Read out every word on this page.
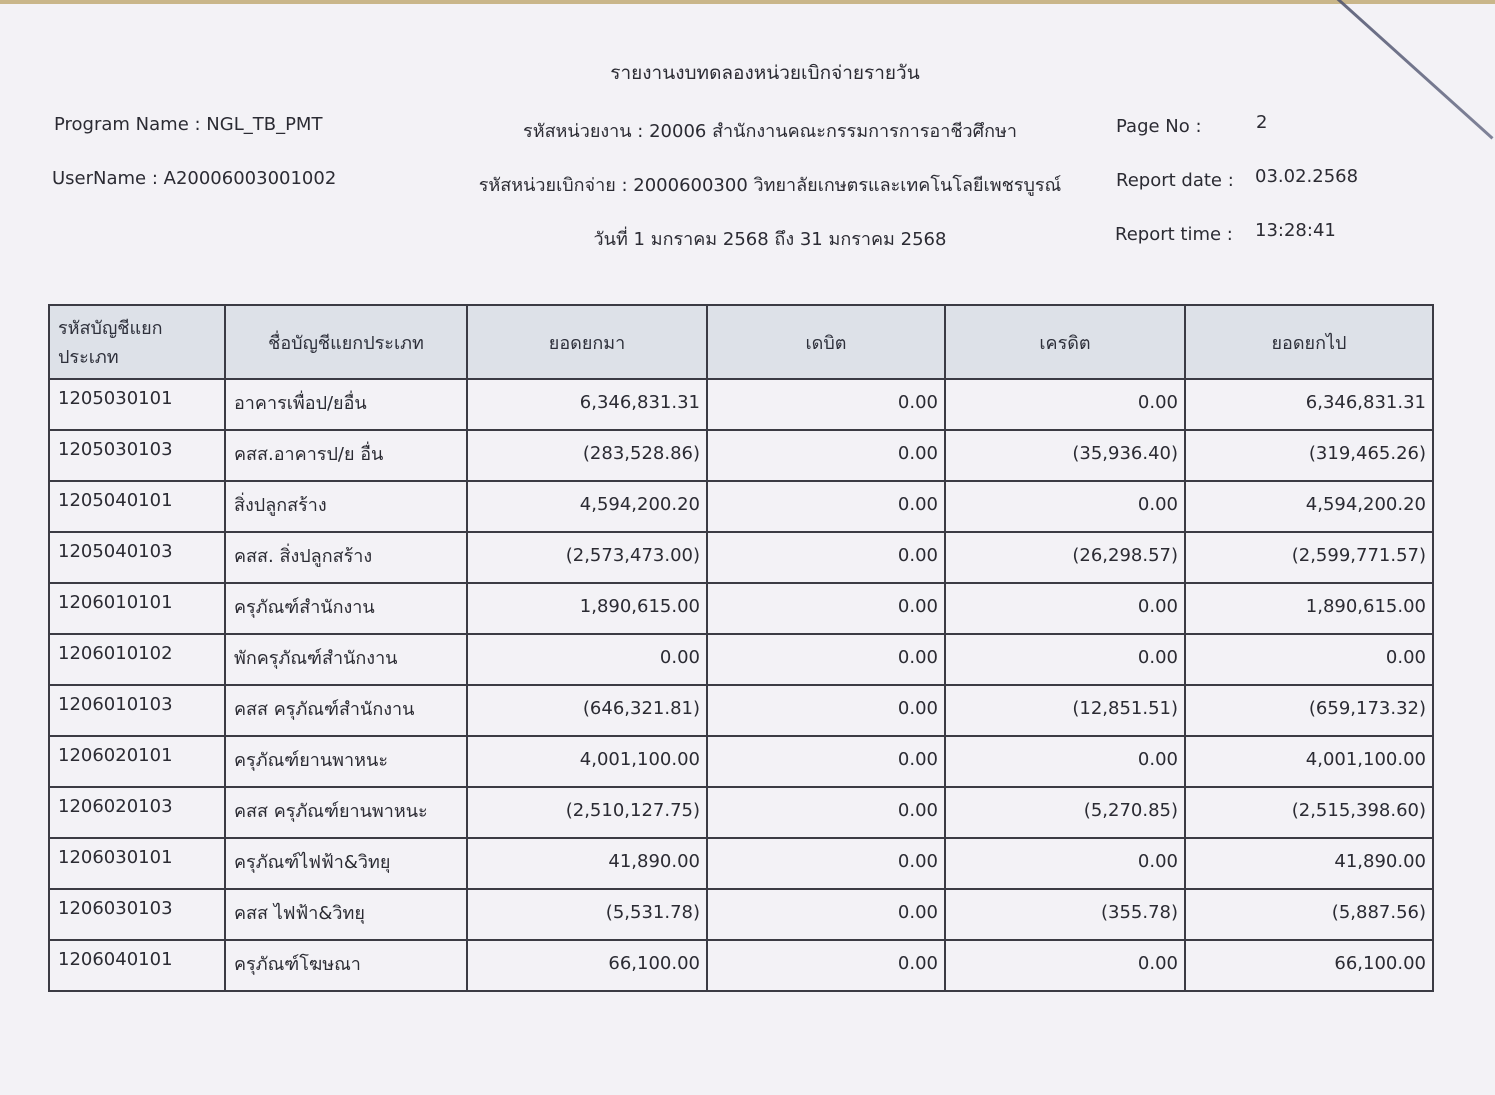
รายงานงบทดลองหน่วยเบิกจ่ายรายวัน
Program Name : NGL_TB_PMT
UserName : A20006003001002
รหัสหน่วยงาน : 20006 สำนักงานคณะกรรมการการอาชีวศึกษา
รหัสหน่วยเบิกจ่าย : 2000600300 วิทยาลัยเกษตรและเทคโนโลยีเพชรบูรณ์
วันที่ 1 มกราคม 2568 ถึง 31 มกราคม 2568
Page No :	2
Report date : 03.02.2568
Report time : 13:28:41
รหัสบัญชีแยกประเภท	ชื่อบัญชีแยกประเภท	ยอดยกมา	เดบิต	เครดิต	ยอดยกไป
1205030101	อาคารเพื่อป/ยอื่น	6,346,831.31	0.00	0.00	6,346,831.31
1205030103	คสส.อาคารป/ย อื่น	(283,528.86)	0.00	(35,936.40)	(319,465.26)
1205040101	สิ่งปลูกสร้าง	4,594,200.20	0.00	0.00	4,594,200.20
1205040103	คสส. สิ่งปลูกสร้าง	(2,573,473.00)	0.00	(26,298.57)	(2,599,771.57)
1206010101	ครุภัณฑ์สำนักงาน	1,890,615.00	0.00	0.00	1,890,615.00
1206010102	พักครุภัณฑ์สำนักงาน	0.00	0.00	0.00	0.00
1206010103	คสส ครุภัณฑ์สำนักงาน	(646,321.81)	0.00	(12,851.51)	(659,173.32)
1206020101	ครุภัณฑ์ยานพาหนะ	4,001,100.00	0.00	0.00	4,001,100.00
1206020103	คสส ครุภัณฑ์ยานพาหนะ	(2,510,127.75)	0.00	(5,270.85)	(2,515,398.60)
1206030101	ครุภัณฑ์ไฟฟ้า&วิทยุ	41,890.00	0.00	0.00	41,890.00
1206030103	คสส ไฟฟ้า&วิทยุ	(5,531.78)	0.00	(355.78)	(5,887.56)
1206040101	ครุภัณฑ์โฆษณา	66,100.00	0.00	0.00	66,100.00
